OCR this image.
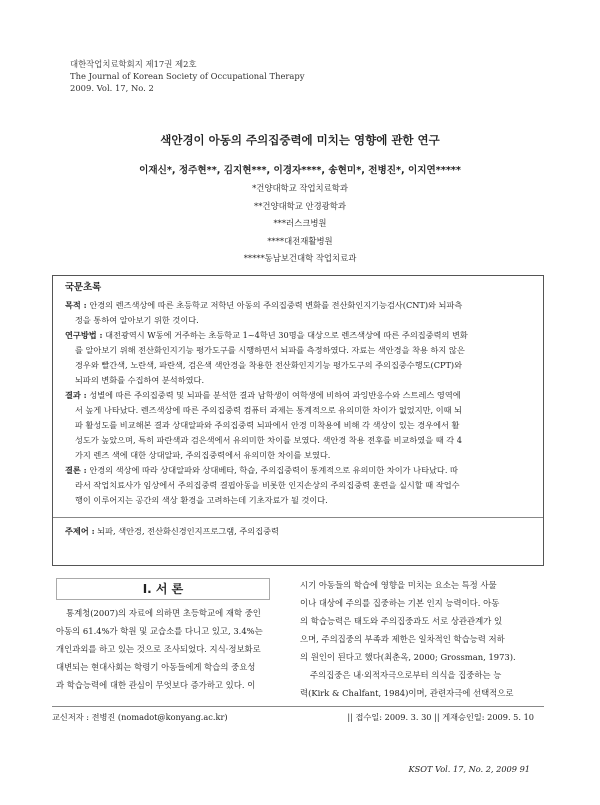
대한작업치료학회지 제17권 제2호
The Journal of Korean Society of Occupational Therapy
2009. Vol. 17, No. 2
색안경이 아동의 주의집중력에 미치는 영향에 관한 연구
이재신*, 정주현**, 김지현***, 이경자****, 송현미*, 전병진*, 이지연*****
*건양대학교 작업치료학과
**건양대학교 안경광학과
***러스크병원
****대전재활병원
*****동남보건대학 작업치료과
국문초록
목적 : 안경의 렌즈색상에 따른 초등학교 저학년 아동의 주의집중력 변화를 전산화인지기능검사(CNT)와 뇌파측
정을 통하여 알아보기 위한 것이다.
연구방법 : 대전광역시 W동에 거주하는 초등학교 1~4학년 30명을 대상으로 렌즈색상에 따른 주의집중력의 변화
를 알아보기 위해 전산화인지기능 평가도구를 시행하면서 뇌파를 측정하였다. 자료는 색안경을 착용 하지 않은
경우와 빨간색, 노란색, 파란색, 검은색 색안경을 착용한 전산화인지기능 평가도구의 주의집중수행도(CPT)와
뇌파의 변화를 수집하여 분석하였다.
결과 : 성별에 따른 주의집중력 및 뇌파를 분석한 결과 남학생이 여학생에 비하여 과잉반응수와 스트레스 영역에
서 높게 나타났다. 렌즈색상에 따른 주의집중력 컴퓨터 과제는 통계적으로 유의미한 차이가 없었지만, 이때 뇌
파 활성도를 비교해본 결과 상대알파와 주의집중력 뇌파에서 안경 미착용에 비해 각 색상이 있는 경우에서 활
성도가 높았으며, 특히 파란색과 검은색에서 유의미한 차이를 보였다. 색안경 착용 전후를 비교하였을 때 각 4
가지 렌즈 색에 대한 상대알파, 주의집중력에서 유의미한 차이를 보였다.
결론 : 안경의 색상에 따라 상대알파와 상대베타, 학습, 주의집중력이 통계적으로 유의미한 차이가 나타났다. 따
라서 작업치료사가 임상에서 주의집중력 결핍아동을 비롯한 인지손상의 주의집중력 훈련을 실시할 때 작업수
행이 이루어지는 공간의 색상 환경을 고려하는데 기초자료가 될 것이다.
주제어 : 뇌파, 색안경, 전산화신경인지프로그램, 주의집중력
I. 서 론
통계청(2007)의 자료에 의하면 초등학교에 재학 중인
아동의 61.4%가 학원 및 교습소를 다니고 있고, 3.4%는
개인과외를 하고 있는 것으로 조사되었다. 지식·정보화로
대변되는 현대사회는 학령기 아동들에게 학습의 중요성
과 학습능력에 대한 관심이 무엇보다 증가하고 있다. 이
시기 아동들의 학습에 영향을 미치는 요소는 특정 사물
이나 대상에 주의를 집중하는 기본 인지 능력이다. 아동
의 학습능력은 태도와 주의집중과도 서로 상관관계가 있
으며, 주의집중의 부족과 제한은 일차적인 학습능력 저하
의 원인이 된다고 했다(최춘옥, 2000; Grossman, 1973).
주의집중은 내·외적자극으로부터 의식을 집중하는 능
력(Kirk & Chalfant, 1984)이며, 관련자극에 선택적으로
교신저자 : 전병진 (nomadot@konyang.ac.kr)	|| 접수일: 2009. 3. 30 || 게재승인일: 2009. 5. 10
KSOT Vol. 17, No. 2, 2009 91
